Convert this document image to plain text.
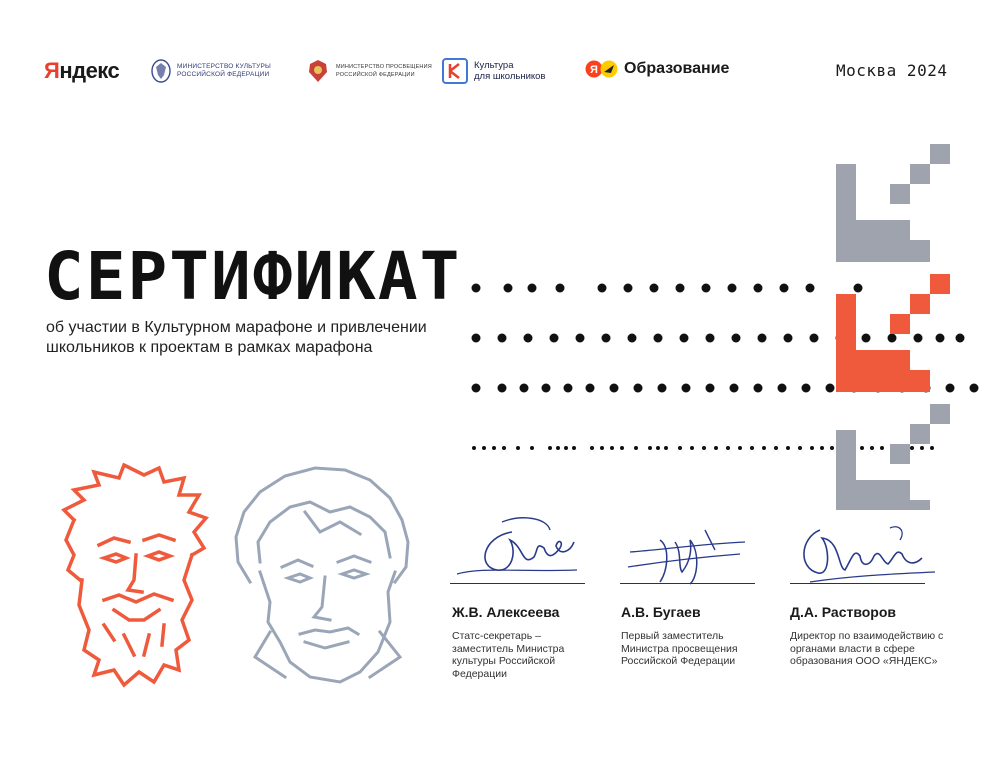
Яндекс	МИНИСТЕРСТВО КУЛЬТУРЫ
РОССИЙСКОЙ ФЕДЕРАЦИИ
МИНИСТЕРСТВО ПРОСВЕЩЕНИЯ
РОССИЙСКОЙ ФЕДЕРАЦИИ
Культура
для школьников
Я Образование	Москва 2024
СЕРТИФИКАТ
об участии в Культурном марафоне и привлечении школьников к проектам в рамках марафона
Ж.В. Алексеева
Статс-секретарь – заместитель Министра культуры Российской Федерации
А.В. Бугаев
Первый заместитель Министра просвещения Российской Федерации
Д.А. Растворов
Директор по взаимодействию с органами власти в сфере образования ООО «ЯНДЕКС»
